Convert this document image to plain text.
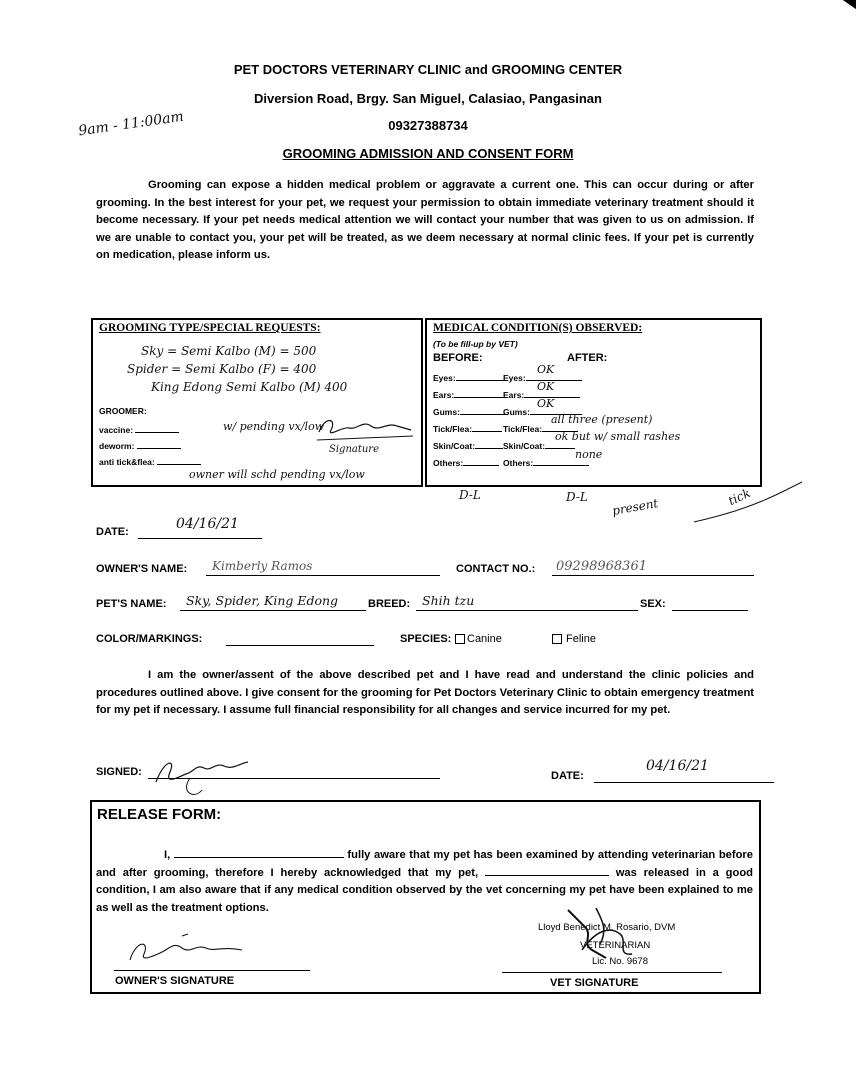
PET DOCTORS VETERINARY CLINIC and GROOMING CENTER
Diversion Road, Brgy. San Miguel, Calasiao, Pangasinan
09327388734
GROOMING ADMISSION AND CONSENT FORM
9am - 11:00am
Grooming can expose a hidden medical problem or aggravate a current one. This can occur during or after grooming. In the best interest for your pet, we request your permission to obtain immediate veterinary treatment should it become necessary. If your pet needs medical attention we will contact your number that was given to us on admission. If we are unable to contact you, your pet will be treated, as we deem necessary at normal clinic fees. If your pet is currently on medication, please inform us.
GROOMING TYPE/SPECIAL REQUESTS:
Sky = Semi Kalbo (M) = 500
Spider = Semi Kalbo (F) = 400
King Edong Semi Kalbo (M) 400
GROOMER:
vaccine:
deworm:
anti tick&flea:
w/ pending vx/low
Signature
owner will schd pending vx/low
MEDICAL CONDITION(S) OBSERVED:
(To be fill-up by VET)
BEFORE:	AFTER:
Eyes:	Eyes:
OK
Ears:	Ears:
OK
Gums:	Gums:
OK
Tick/Flea:	Tick/Flea:
all three (present)
Skin/Coat:	Skin/Coat:
ok but w/ small rashes
Others:	Others:
none
D-L	D-L present	tick
DATE:	04/16/21
OWNER'S NAME: Kimberly Ramos	CONTACT NO.: 09298968361
PET'S NAME: Sky, Spider, King Edong	BREED: Shih tzu	SEX:
COLOR/MARKINGS:	SPECIES: Canine	Feline
I am the owner/assent of the above described pet and I have read and understand the clinic policies and procedures outlined above. I give consent for the grooming for Pet Doctors Veterinary Clinic to obtain emergency treatment for my pet if necessary. I assume full financial responsibility for all changes and service incurred for my pet.
SIGNED:	DATE:
04/16/21
RELEASE FORM:
I,	fully aware that my pet has been examined by attending veterinarian before and after grooming, therefore I hereby acknowledged that my pet,	was released in a good condition, I am also aware that if any medical condition observed by the vet concerning my pet have been explained to me as well as the treatment options.
Lloyd Benedict M. Rosario, DVM
VETERINARIAN
Lic. No. 9678
OWNER'S SIGNATURE	VET SIGNATURE
